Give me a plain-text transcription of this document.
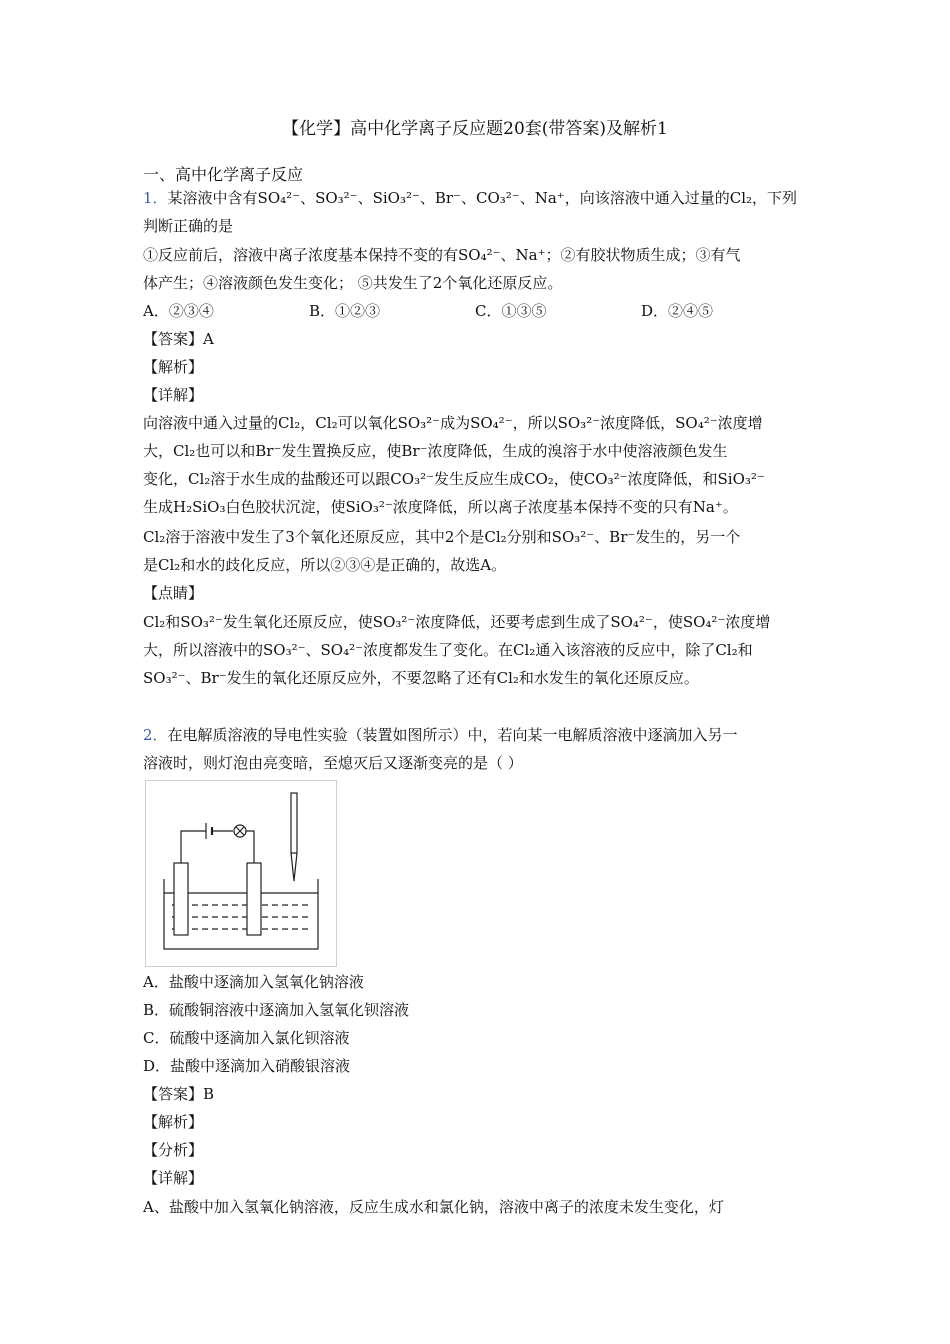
【化学】高中化学离子反应题20套(带答案)及解析1
一、高中化学离子反应
1．某溶液中含有SO₄²⁻、SO₃²⁻、SiO₃²⁻、Br⁻、CO₃²⁻、Na⁺，向该溶液中通入过量的Cl₂，下列
判断正确的是
①反应前后，溶液中离子浓度基本保持不变的有SO₄²⁻、Na⁺；②有胶状物质生成；③有气
体产生；④溶液颜色发生变化； ⑤共发生了2个氧化还原反应。
A．②③④	B．①②③	C．①③⑤	D．②④⑤
【答案】A
【解析】
【详解】
向溶液中通入过量的Cl₂，Cl₂可以氧化SO₃²⁻成为SO₄²⁻，所以SO₃²⁻浓度降低，SO₄²⁻浓度增
大，Cl₂也可以和Br⁻发生置换反应，使Br⁻浓度降低，生成的溴溶于水中使溶液颜色发生
变化，Cl₂溶于水生成的盐酸还可以跟CO₃²⁻发生反应生成CO₂，使CO₃²⁻浓度降低，和SiO₃²⁻
生成H₂SiO₃白色胶状沉淀，使SiO₃²⁻浓度降低，所以离子浓度基本保持不变的只有Na⁺。
Cl₂溶于溶液中发生了3个氧化还原反应，其中2个是Cl₂分别和SO₃²⁻、Br⁻发生的，另一个
是Cl₂和水的歧化反应，所以②③④是正确的，故选A。
【点睛】
Cl₂和SO₃²⁻发生氧化还原反应，使SO₃²⁻浓度降低，还要考虑到生成了SO₄²⁻，使SO₄²⁻浓度增
大，所以溶液中的SO₃²⁻、SO₄²⁻浓度都发生了变化。在Cl₂通入该溶液的反应中，除了Cl₂和
SO₃²⁻、Br⁻发生的氧化还原反应外，不要忽略了还有Cl₂和水发生的氧化还原反应。
2．在电解质溶液的导电性实验（装置如图所示）中，若向某一电解质溶液中逐滴加入另一
溶液时，则灯泡由亮变暗，至熄灭后又逐渐变亮的是（ ）
A．盐酸中逐滴加入氢氧化钠溶液
B．硫酸铜溶液中逐滴加入氢氧化钡溶液
C．硫酸中逐滴加入氯化钡溶液
D．盐酸中逐滴加入硝酸银溶液
【答案】B
【解析】
【分析】
【详解】
A、盐酸中加入氢氧化钠溶液，反应生成水和氯化钠，溶液中离子的浓度未发生变化，灯
